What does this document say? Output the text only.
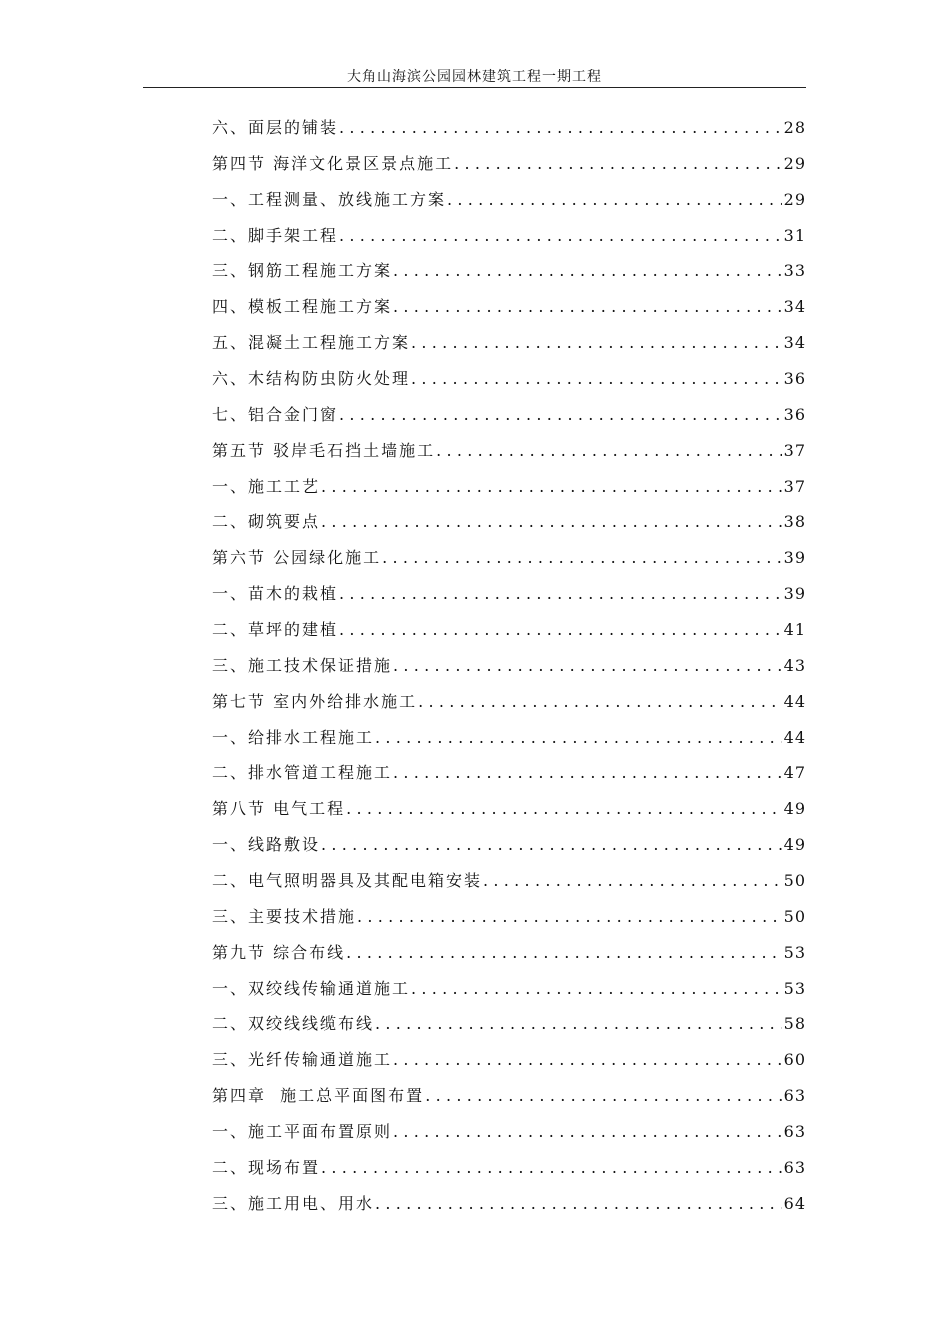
大角山海滨公园园林建筑工程一期工程
六、面层的铺装 .....	28
第四节 海洋文化景区景点施工 .....	29
一、工程测量、放线施工方案 .....	29
二、脚手架工程 .....	31
三、钢筋工程施工方案 .....	33
四、模板工程施工方案 .....	34
五、混凝土工程施工方案 .....	34
六、木结构防虫防火处理 .....	36
七、铝合金门窗 .....	36
第五节 驳岸毛石挡土墙施工 .....	37
一、施工工艺 .....	37
二、砌筑要点 .....	38
第六节 公园绿化施工 .....	39
一、苗木的栽植 .....	39
二、草坪的建植 .....	41
三、施工技术保证措施 .....	43
第七节 室内外给排水施工 .....	44
一、给排水工程施工 .....	44
二、排水管道工程施工 .....	47
第八节 电气工程 .....	49
一、线路敷设 .....	49
二、电气照明器具及其配电箱安装 .....	50
三、主要技术措施 .....	50
第九节 综合布线 .....	53
一、双绞线传输通道施工 .....	53
二、双绞线线缆布线 .....	58
三、光纤传输通道施工 .....	60
第四章  施工总平面图布置 .....	63
一、施工平面布置原则 .....	63
二、现场布置 .....	63
三、施工用电、用水 .....	64
